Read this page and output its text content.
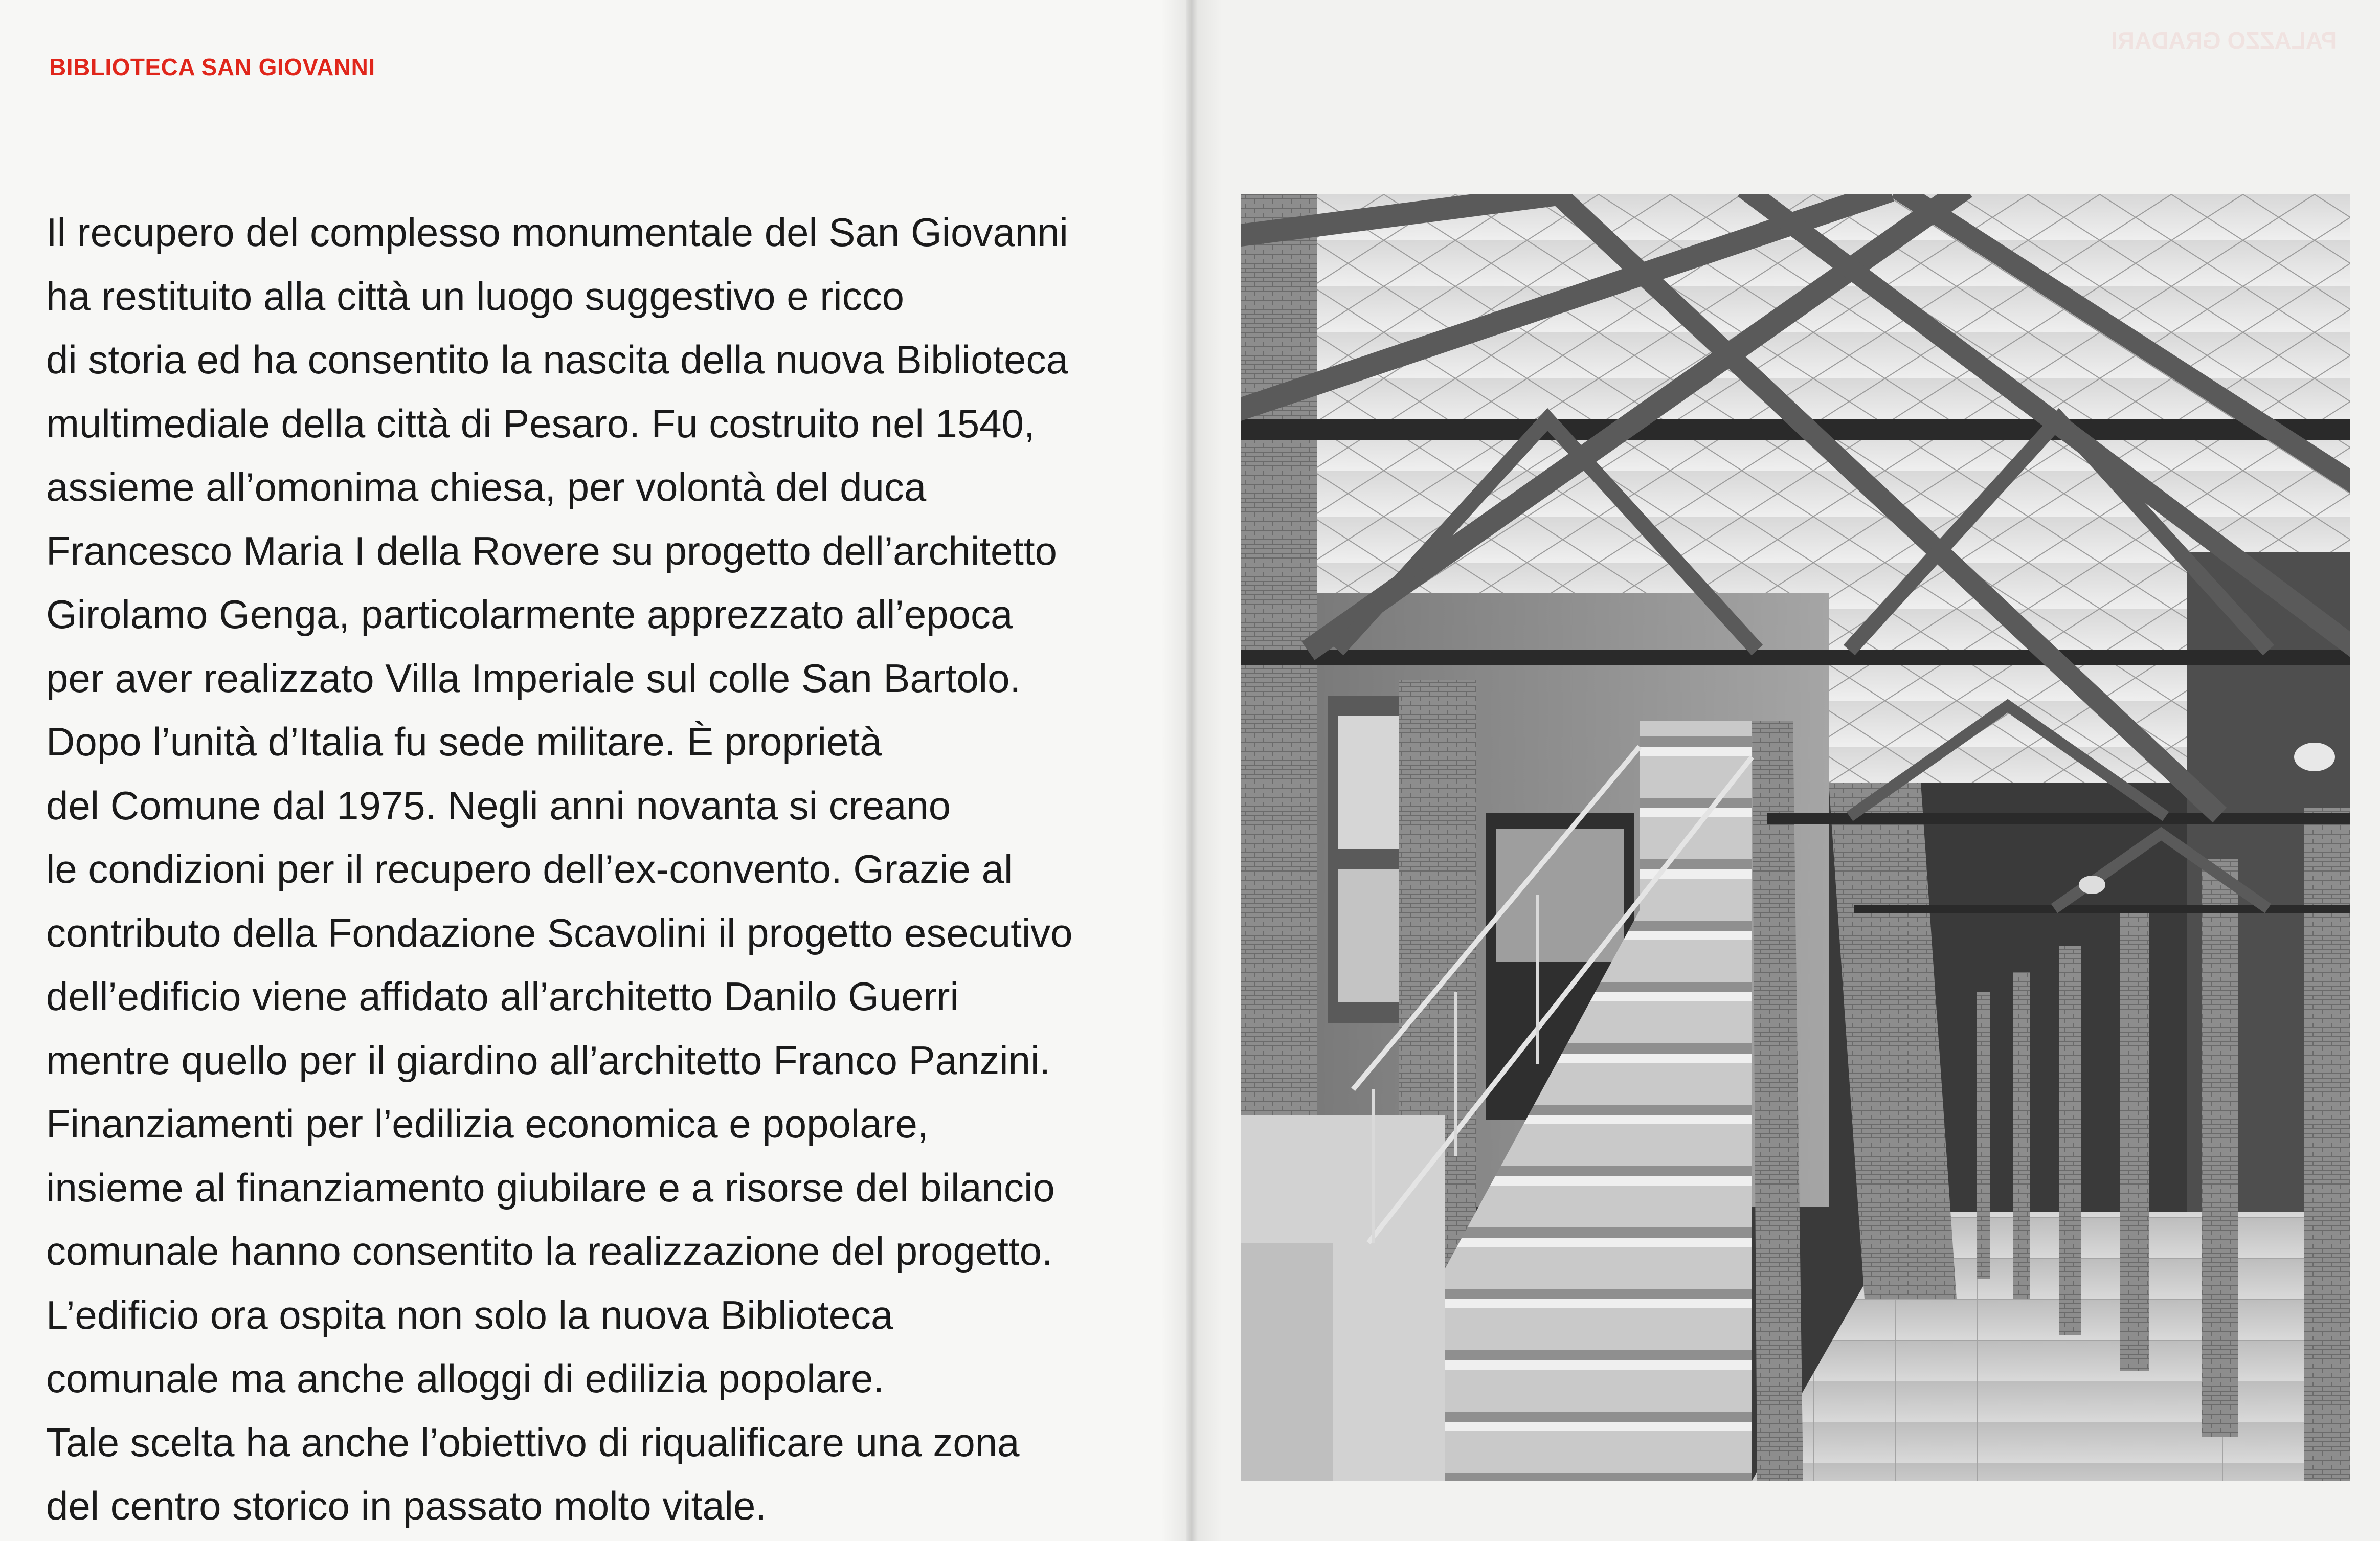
BIBLIOTECA SAN GIOVANNI
Il recupero del complesso monumentale del San Giovanni
ha restituito alla città un luogo suggestivo e ricco
di storia ed ha consentito la nascita della nuova Biblioteca
multimediale della città di Pesaro. Fu costruito nel 1540,
assieme all’omonima chiesa, per volontà del duca
Francesco Maria I della Rovere su progetto dell’architetto
Girolamo Genga, particolarmente apprezzato all’epoca
per aver realizzato Villa Imperiale sul colle San Bartolo.
Dopo l’unità d’Italia fu sede militare. È proprietà
del Comune dal 1975. Negli anni novanta si creano
le condizioni per il recupero dell’ex-convento. Grazie al
contributo della Fondazione Scavolini il progetto esecutivo
dell’edificio viene affidato all’architetto Danilo Guerri
mentre quello per il giardino all’architetto Franco Panzini.
Finanziamenti per l’edilizia economica e popolare,
insieme al finanziamento giubilare e a risorse del bilancio
comunale hanno consentito la realizzazione del progetto.
L’edificio ora ospita non solo la nuova Biblioteca
comunale ma anche alloggi di edilizia popolare.
Tale scelta ha anche l’obiettivo di riqualificare una zona
del centro storico in passato molto vitale.

PALAZZO GRADARI
